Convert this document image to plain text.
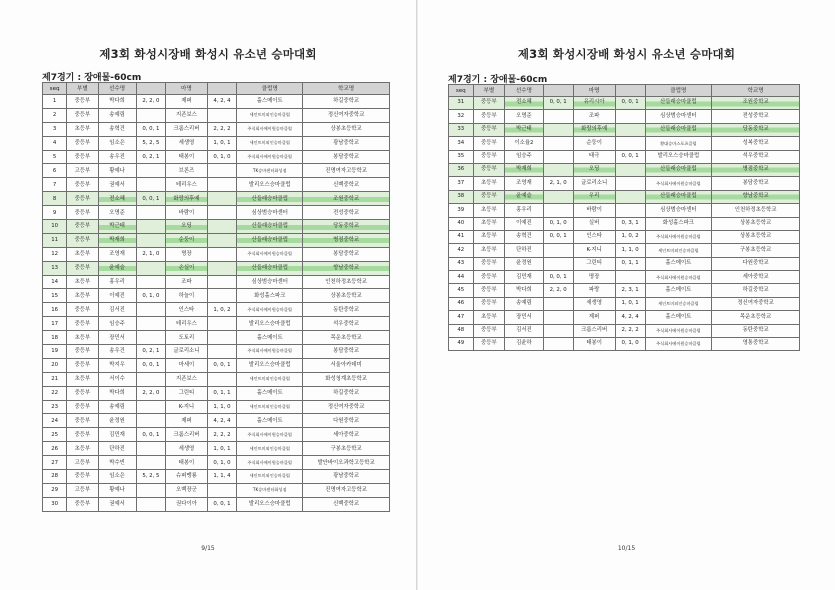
제3회 화성시장배 화성시 유소년 승마대회
제7경기 : 장애물-60cm
seq	부별	선수명		마명		클럽명	학교명
1	중등부	박다희	2, 2, 0	제퍼	4, 2, 4	홀스메이트	하길중학교
2	중등부	송예림		지존보스		세인트미외인승마클럽	정신여자중학교
3	초등부	송혁건	0, 0, 1	크롬스리버	2, 2, 2	주식회사에이원승마클럽	상봉초등학교
4	중등부	임소은	5, 2, 5	세생영	1, 0, 1	세인트미외인승마클럽	광남중학교
5	중등부	송우진	0, 2, 1	태봉이	0, 1, 0	주식회사에이원승마클럽	봉담중학교
6	고등부	황예나		브론즈		TK승마센터화성점	진명여자고등학교
7	중등부	권예서		테리우스		발리오스승마클럽	신백중학교
8	중등부	전소혜	0, 0, 1	화랑의후예		산들래승마클럽	조원중학교
9	중등부	오명준		바람이		심상범승마센터	전성중학교
10	중등부	박근태		오딩		산들래승마클럽	당동중학교
11	중등부	박재희		순둥이		산들래승마클럽	병점중학교
12	초등부	조영재	2, 1, 0	명장		주식회사에이원승마클럽	봉담중학교
13	중등부	윤예슬		손실이		산들래승마클럽	향남중학교
14	초등부	홍우리		조파		심상범승마센터	인천하정초등학교
15	초등부	이예진	0, 1, 0	하늘이		화성홀스파크	상봉초등학교
16	중등부	김서진		인스타	1, 0, 2	주식회사에이원승마클럽	동탄중학교
17	중등부	임승주		테리우스		발리오스승마클럽	석우중학교
18	초등부	장민서		도토리		홀스메이트	목운초등학교
19	중등부	송우건	0, 2, 1	글로리소니		주식회사에이원승마클럽	봉담중학교
20	중등부	박지우	0, 0, 1	마세이	0, 0, 1	발리오스승마클럽	서울아카데미
21	초등부	서이수		지존보스		세인트미외인승마클럽	화성청계초등학교
22	중등부	박다희	2, 2, 0	그린티	0, 1, 1	홀스메이트	하길중학교
23	중등부	송예림		K-지니	1, 1, 0	세인트미외인승마클럽	정신여자중학교
24	중등부	윤정원		제퍼	4, 2, 4	홀스메이트	다원중학교
25	중등부	김민재	0, 0, 1	크롬스리버	2, 2, 2	주식회사에이원승마클럽	세아중학교
26	초등부	단하진		세생영	1, 0, 1	세인트미외인승마클럽	구봉초등학교
27	고등부	박수빈		태봉이	0, 1, 0	주식회사에이원승마클럽	발안바이오과학고등학교
28	중등부	임소은	5, 2, 5	슈퍼맹룡	1, 1, 4	세인트미외인승마클럽	광남중학교
29	고등부	황예나		오백장군		TK승마센터화성점	진명여자고등학교
30	중등부	권예서		권다이아	0, 0, 1	발리오스승마클럽	신백중학교
9/15
제3회 화성시장배 화성시 유소년 승마대회
제7경기 : 장애물-60cm
seq	부별	선수명		마명		클럽명	학교명
31	중등부	전소혜	0, 0, 1	유리시아	0, 0, 1	산들래승마클럽	조원중학교
32	중등부	오명준		조파		심상범승마센터	전성중학교
33	중등부	박근태		화랑의후예		산들래승마클럽	당동중학교
34	중등부	이소율2		순둥이		황대승마스포츠클럽	성복중학교
35	중등부	임승주		태극	0, 0, 1	발리오스승마클럽	석우중학교
36	중등부	박재희		오딩		산들래승마클럽	병점중학교
37	초등부	조영재	2, 1, 0	글로리소니		주식회사에이원승마클럽	봉담중학교
38	중등부	윤예슬		우리		산들래승마클럽	향남중학교
39	초등부	홍우리		바람이		심상범승마센터	인천하정초등학교
40	초등부	이예진	0, 1, 0	실버	0, 3, 1	화성홀스파크	상봉초등학교
41	초등부	송혁건	0, 0, 1	인스타	1, 0, 2	주식회사에이원승마클럽	상봉초등학교
42	초등부	단하진		K-지니	1, 1, 0	세인트미외인승마클럽	구봉초등학교
43	중등부	윤정원		그린티	0, 1, 1	홀스메이트	다원중학교
44	중등부	김민재	0, 0, 1	명장		주식회사에이원승마클럽	세아중학교
45	중등부	박다희	2, 2, 0	파랑	2, 3, 1	홀스메이트	하길중학교
46	중등부	송예림		세생영	1, 0, 1	세인트미외인승마클럽	정신여자중학교
47	초등부	장민서		제퍼	4, 2, 4	홀스메이트	목운초등학교
48	중등부	김서진		크롬스리버	2, 2, 2	주식회사에이원승마클럽	동탄중학교
49	중등부	김윤하		태봉이	0, 1, 0	주식회사에이원승마클럽	영통중학교
10/15
